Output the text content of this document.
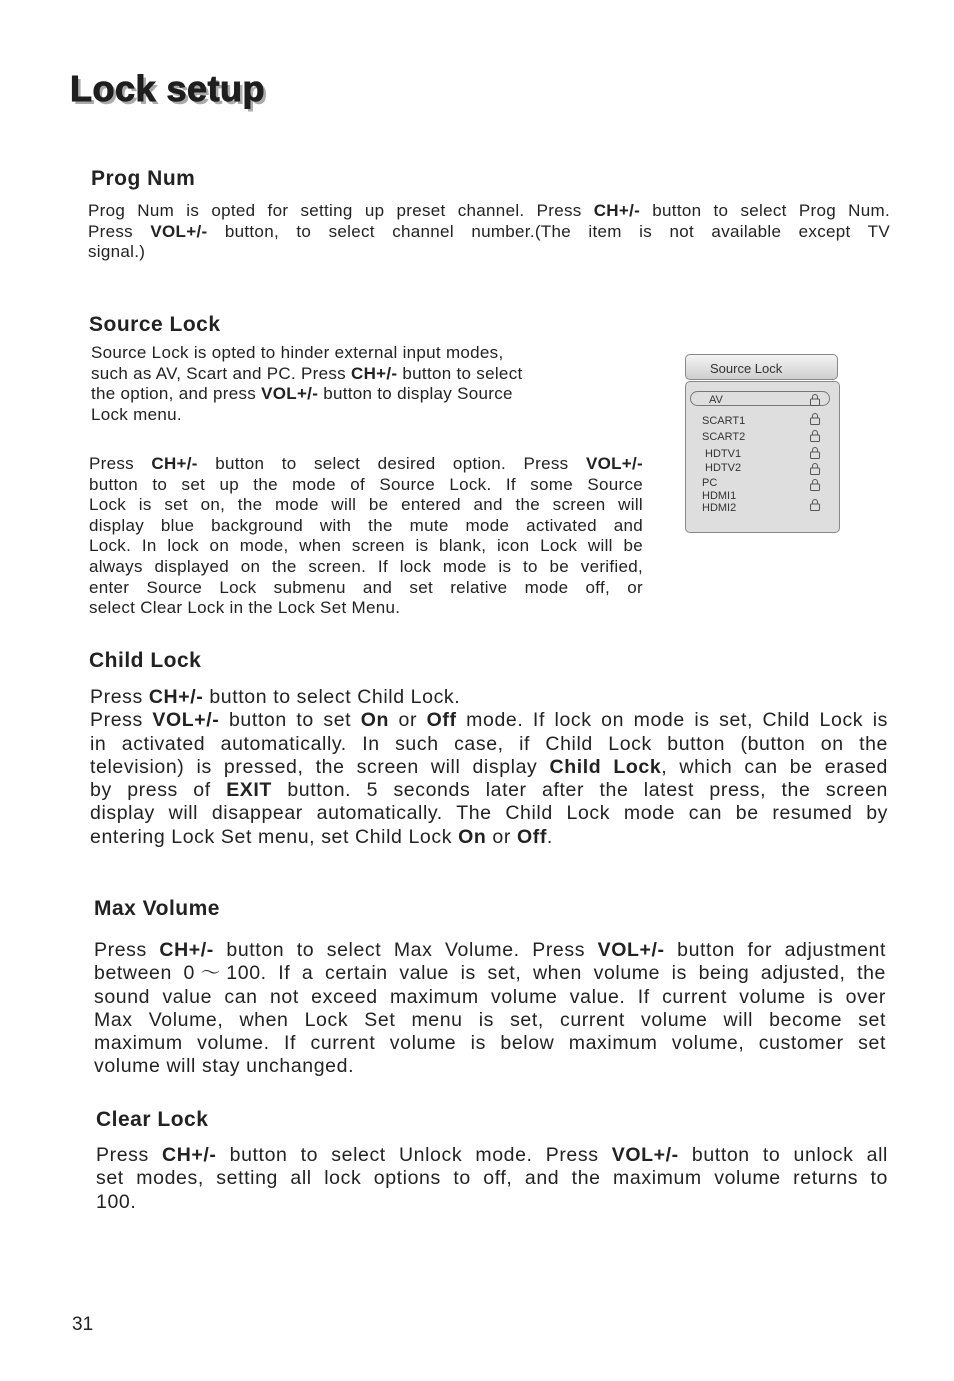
Lock setup
Prog Num
Prog Num is opted for setting up preset channel. Press CH+/- button to select Prog Num.
Press VOL+/- button, to select channel number.(The item is not available except TV
signal.)
Source Lock
Source Lock is opted to hinder external input modes,
such as AV, Scart and PC. Press CH+/- button to select
the option, and press VOL+/- button to display Source
Lock menu.
Press CH+/- button to select desired option. Press VOL+/-
button to set up the mode of Source Lock. If some Source
Lock is set on, the mode will be entered and the screen will
display blue background with the mute mode activated and
Lock. In lock on mode, when screen is blank, icon Lock will be
always displayed on the screen. If lock mode is to be verified,
enter Source Lock submenu and set relative mode off, or
select Clear Lock in the Lock Set Menu.
Source Lock
AV
SCART1
SCART2
HDTV1
HDTV2
PC
HDMI1
HDMI2
Child Lock
Press CH+/- button to select Child Lock.
Press VOL+/- button to set On or Off mode. If lock on mode is set, Child Lock is
in activated automatically. In such case, if Child Lock button (button on the
television) is pressed, the screen will display Child Lock, which can be erased
by press of EXIT button. 5 seconds later after the latest press, the screen
display will disappear automatically. The Child Lock mode can be resumed by
entering Lock Set menu, set Child Lock On or Off.
Max Volume
Press CH+/- button to select Max Volume. Press VOL+/- button for adjustment
between 0～100. If a certain value is set, when volume is being adjusted, the
sound value can not exceed maximum volume value. If current volume is over
Max Volume, when Lock Set menu is set, current volume will become set
maximum volume. If current volume is below maximum volume, customer set
volume will stay unchanged.
Clear Lock
Press CH+/- button to select Unlock mode. Press VOL+/- button to unlock all
set modes, setting all lock options to off, and the maximum volume returns to
100.
31
